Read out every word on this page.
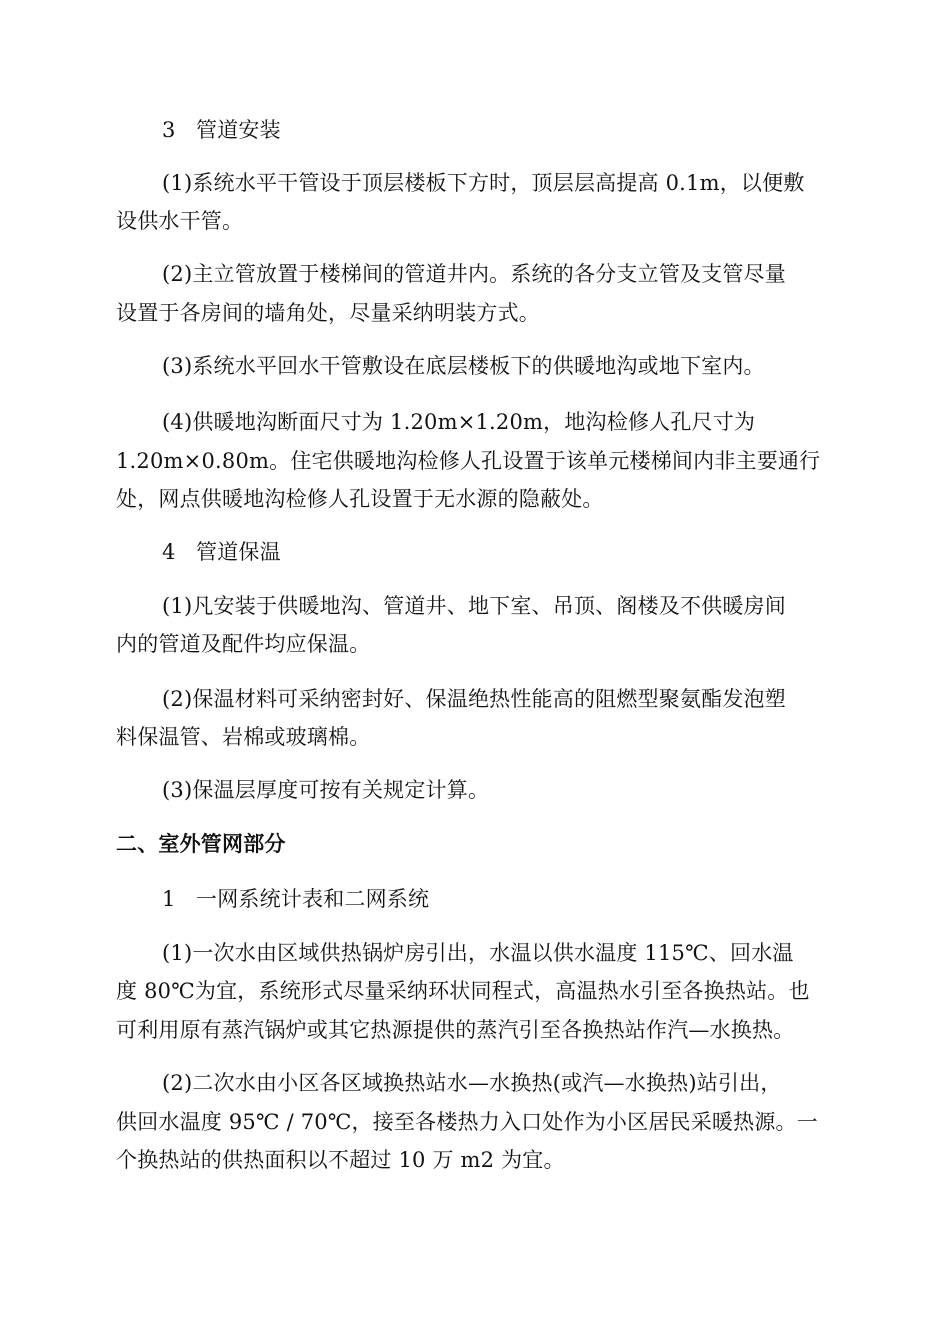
3 管道安装
(1)系统水平干管设于顶层楼板下方时，顶层层高提高 0.1m，以便敷
设供水干管。
(2)主立管放置于楼梯间的管道井内。系统的各分支立管及支管尽量
设置于各房间的墙角处，尽量采纳明装方式。
(3)系统水平回水干管敷设在底层楼板下的供暖地沟或地下室内。
(4)供暖地沟断面尺寸为 1.20m×1.20m，地沟检修人孔尺寸为
1.20m×0.80m。住宅供暖地沟检修人孔设置于该单元楼梯间内非主要通行
处，网点供暖地沟检修人孔设置于无水源的隐蔽处。
4 管道保温
(1)凡安装于供暖地沟、管道井、地下室、吊顶、阁楼及不供暖房间
内的管道及配件均应保温。
(2)保温材料可采纳密封好、保温绝热性能高的阻燃型聚氨酯发泡塑
料保温管、岩棉或玻璃棉。
(3)保温层厚度可按有关规定计算。
二、室外管网部分
1 一网系统计表和二网系统
(1)一次水由区域供热锅炉房引出，水温以供水温度 115℃、回水温
度 80℃为宜，系统形式尽量采纳环状同程式，高温热水引至各换热站。也
可利用原有蒸汽锅炉或其它热源提供的蒸汽引至各换热站作汽—水换热。
(2)二次水由小区各区域换热站水—水换热(或汽—水换热)站引出，
供回水温度 95℃ / 70℃，接至各楼热力入口处作为小区居民采暖热源。一
个换热站的供热面积以不超过 10 万 m2 为宜。
